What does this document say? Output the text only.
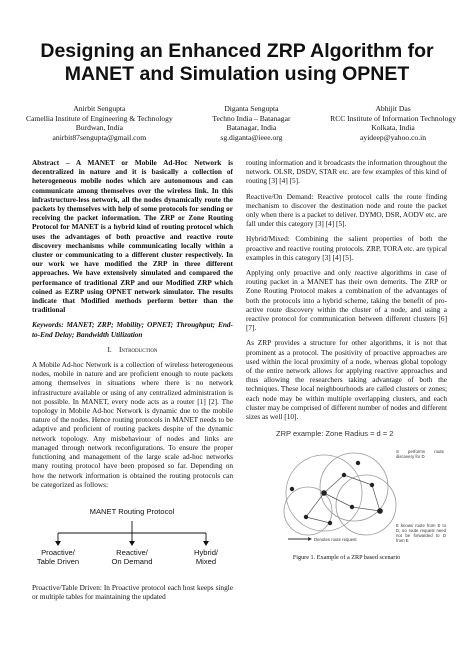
Designing an Enhanced ZRP Algorithm for
MANET and Simulation using OPNET
Anirbit Sengupta
Camellia Institute of Engineering & Technology
Burdwan, India
anirbit87sengupta@gmail.com
Diganta Sengupta
Techno India – Batanagar
Batanagar, India
sg.diganta@ieee.org
Abhijit Das
RCC Institute of Information Technology
Kolkata, India
ayideep@yahoo.co.in

Abstract – A MANET or Mobile Ad-Hoc Network is decentralized in nature and it is basically a collection of heterogeneous mobile nodes which are autonomous and can communicate among themselves over the wireless link. In this infrastructure-less network, all the nodes dynamically route the packets by themselves with help of some protocols for sending or receiving the packet information. The ZRP or Zone Routing Protocol for MANET is a hybrid kind of routing protocol which uses the advantages of both proactive and reactive route discovery mechanisms while communicating locally within a cluster or communicating to a different cluster respectively. In our work we have modified the ZRP in three different approaches. We have extensively simulated and compared the performance of traditional ZRP and our Modified ZRP which coined as EZRP using OPNET network simulator. The results indicate that Modified methods perform better than the traditional

Keywords: MANET; ZRP; Mobility; OPNET; Throughput; End-to-End Delay; Bandwidth Utilization

I. Introduction

A Mobile Ad-hoc Network is a collection of wireless heterogeneous nodes, mobile in nature and are proficient enough to route packets among themselves in situations where there is no network infrastructure available or using of any centralized administration is not possible. In MANET, every node acts as a router [1] [2]. The topology in Mobile Ad-hoc Network is dynamic due to the mobile nature of the nodes. Hence routing protocols in MANET needs to be adaptive and proficient of routing packets despite of the dynamic network topology. Any misbehaviour of nodes and links are managed through network reconfigurations. To ensure the proper functioning and management of the large scale ad-hoc networks many routing protocol have been proposed so far. Depending on how the network information is obtained the routing protocols can be categorized as follows:

MANET Routing Protocol
Proactive/
Table Driven
Reactive/
On Demand
Hybrid/
Mixed

Proactive/Table Driven: In Proactive protocol each host keeps single or multiple tables for maintaining the updated

routing information and it broadcasts the information throughout the network. OLSR, DSDV, STAR etc. are few examples of this kind of routing [3] [4] [5].

Reactive/On Demand: Reactive protocol calls the route finding mechanism to discover the destination node and route the packet only when there is a packet to deliver. DYMO, DSR, AODV etc. are fall under this category [3] [4] [5].

Hybrid/Mixed: Combining the salient properties of both the proactive and reactive routing protocols. ZRP, TORA etc. are typical examples in this category [3] [4] [5].

Applying only proactive and only reactive algorithms in case of routing packet in a MANET has their own demerits. The ZRP or Zone Routing Protocol makes a combination of the advantages of both the protocols into a hybrid scheme, taking the benefit of pro-active route discovery within the cluster of a node, and using a reactive protocol for communication between different clusters [6] [7].

As ZRP provides a structure for other algorithms, it is not that prominent as a protocol. The positivity of proactive approaches are used within the local proximity of a node, whereas global topology of the entire network allows for applying reactive approaches and thus allowing the researchers taking advantage of both the techniques. These local neighbourhoods are called clusters or zones; each node may be within multiple overlapping clusters, and each cluster may be comprised of different number of nodes and different sizes as well [10].

ZRP example: Zone Radius = d = 2
S performs route discovery for D
E knows route from E to D, so route request need not be forwarded to D from E
Denotes route request
Figure 1. Example of a ZRP based scenario
